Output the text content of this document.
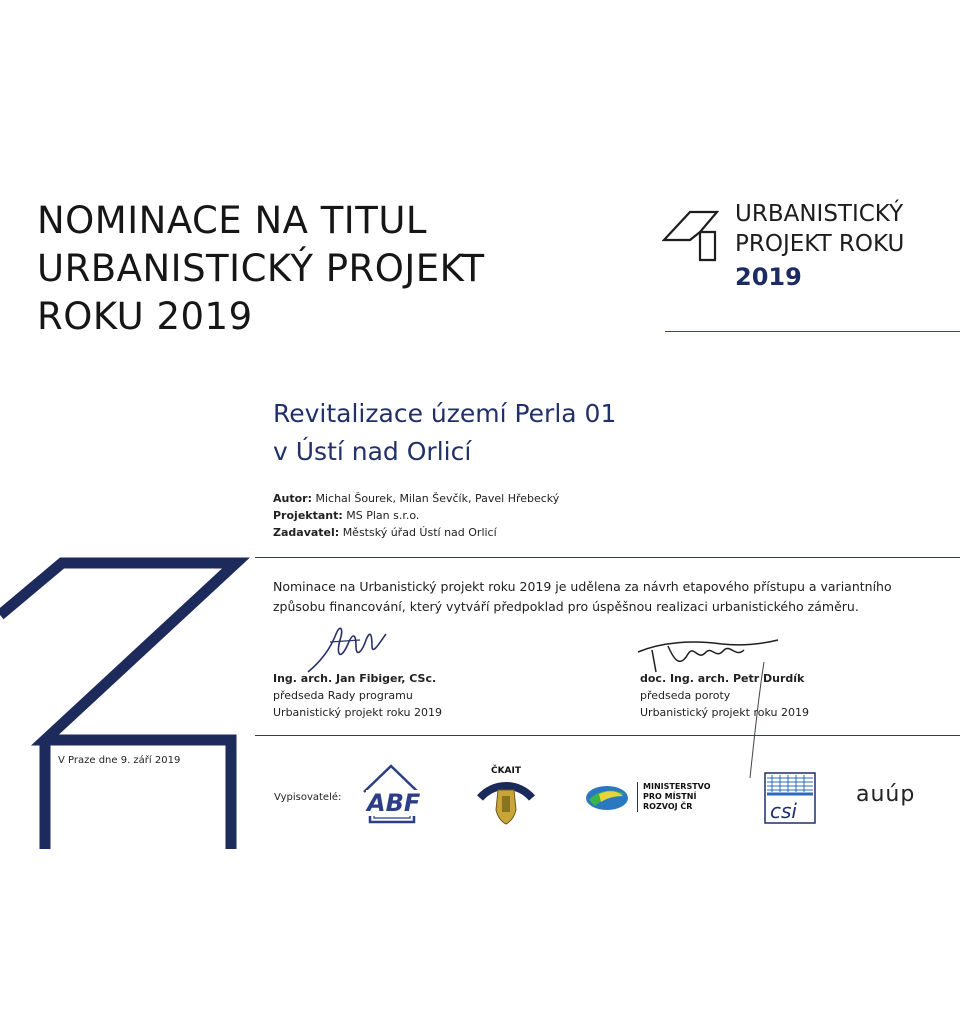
NOMINACE NA TITUL
URBANISTICKÝ PROJEKT
ROKU 2019
URBANISTICKÝ
PROJEKT ROKU
2019
Revitalizace území Perla 01
v Ústí nad Orlicí
Autor: Michal Šourek, Milan Ševčík, Pavel Hřebecký
Projektant: MS Plan s.r.o.
Zadavatel: Městský úřad Ústí nad Orlicí
Nominace na Urbanistický projekt roku 2019 je udělena za návrh etapového přístupu a variantního
způsobu financování, který vytváří předpoklad pro úspěšnou realizaci urbanistického záměru.
Ing. arch. Jan Fibiger, CSc.
předseda Rady programu
Urbanistický projekt roku 2019
doc. Ing. arch. Petr Durdík
předseda poroty
Urbanistický projekt roku 2019
V Praze dne 9. září 2019
Vypisovatelé: ABF
ČKAIT
MINISTERSTVO
PRO MÍSTNÍ
ROZVOJ ČR	csi
auúp
